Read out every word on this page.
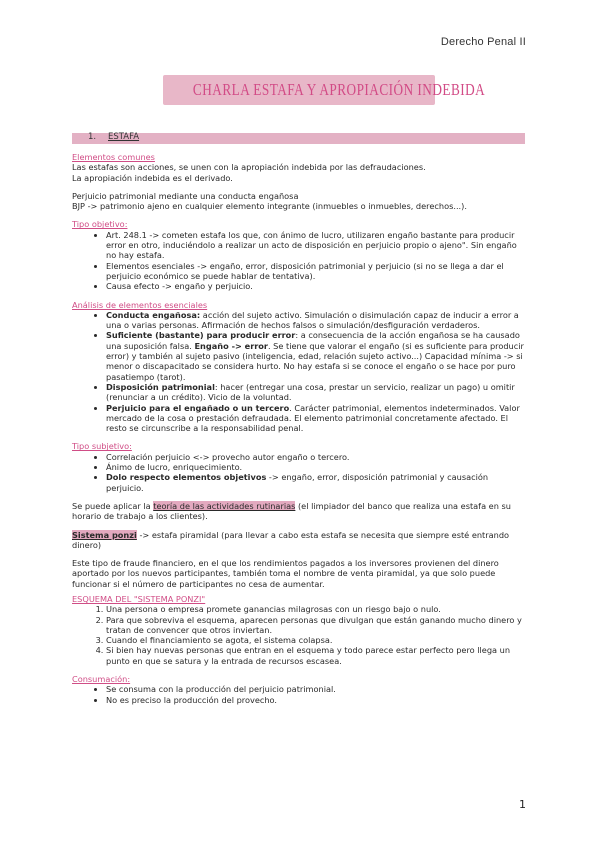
Derecho Penal II
CHARLA ESTAFA Y APROPIACIÓN INDEBIDA
1. ESTAFA

Elementos comunes

Las estafas son acciones, se unen con la apropiación indebida por las defraudaciones.

La apropiación indebida es el derivado.

Perjuicio patrimonial mediante una conducta engañosa

BJP -> patrimonio ajeno en cualquier elemento integrante (inmuebles o inmuebles, derechos...).

Tipo objetivo:

• Art. 248.1 -> cometen estafa los que, con ánimo de lucro, utilizaren engaño bastante para producir error en otro, induciéndolo a realizar un acto de disposición en perjuicio propio o ajeno". Sin engaño no hay estafa.
• Elementos esenciales -> engaño, error, disposición patrimonial y perjuicio (si no se llega a dar el perjuicio económico se puede hablar de tentativa).
• Causa efecto -> engaño y perjuicio.

Análisis de elementos esenciales

• Conducta engañosa: acción del sujeto activo. Simulación o disimulación capaz de inducir a error a una o varias personas. Afirmación de hechos falsos o simulación/desfiguración verdaderos.
• Suficiente (bastante) para producir error: a consecuencia de la acción engañosa se ha causado una suposición falsa. Engaño -> error. Se tiene que valorar el engaño (si es suficiente para producir error) y también al sujeto pasivo (inteligencia, edad, relación sujeto activo...) Capacidad mínima -> si menor o discapacitado se considera hurto. No hay estafa si se conoce el engaño o se hace por puro pasatiempo (tarot).
• Disposición patrimonial: hacer (entregar una cosa, prestar un servicio, realizar un pago) u omitir (renunciar a un crédito). Vicio de la voluntad.
• Perjuicio para el engañado o un tercero. Carácter patrimonial, elementos indeterminados. Valor mercado de la cosa o prestación defraudada. El elemento patrimonial concretamente afectado. El resto se circunscribe a la responsabilidad penal.

Tipo subjetivo:

• Correlación perjuicio <-> provecho autor engaño o tercero.
• Ánimo de lucro, enriquecimiento.
• Dolo respecto elementos objetivos -> engaño, error, disposición patrimonial y causación perjuicio.

Se puede aplicar la teoría de las actividades rutinarias (el limpiador del banco que realiza una estafa en su horario de trabajo a los clientes).

Sistema ponzi -> estafa piramidal (para llevar a cabo esta estafa se necesita que siempre esté entrando dinero)

Este tipo de fraude financiero, en el que los rendimientos pagados a los inversores provienen del dinero aportado por los nuevos participantes, también toma el nombre de venta piramidal, ya que solo puede funcionar si el número de participantes no cesa de aumentar.

ESQUEMA DEL "SISTEMA PONZI"

1. Una persona o empresa promete ganancias milagrosas con un riesgo bajo o nulo.
2. Para que sobreviva el esquema, aparecen personas que divulgan que están ganando mucho dinero y tratan de convencer que otros inviertan.
3. Cuando el financiamiento se agota, el sistema colapsa.
4. Si bien hay nuevas personas que entran en el esquema y todo parece estar perfecto pero llega un punto en que se satura y la entrada de recursos escasea.

Consumación:

• Se consuma con la producción del perjuicio patrimonial.
• No es preciso la producción del provecho.
1
